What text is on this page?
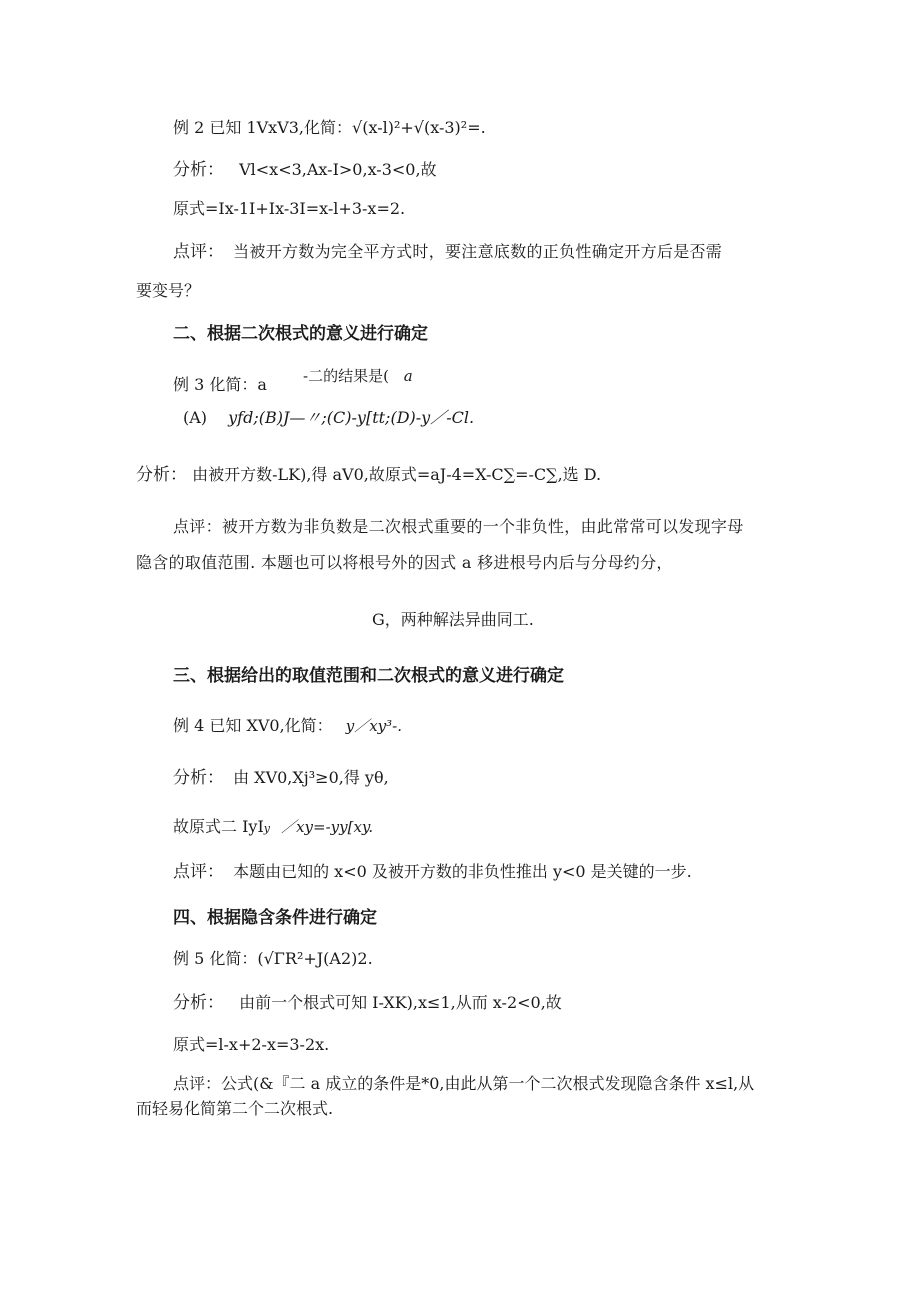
例 2 已知 1VxV3,化简：√(x-l)²+√(x-3)²=.
分析： Vl<x<3,Ax-I>0,x-3<0,故
原式=Ix-1I+Ix-3I=x-l+3-x=2.
点评： 当被开方数为完全平方式时，要注意底数的正负性确定开方后是否需
要变号？
二、根据二次根式的意义进行确定
例 3 化简：a -二的结果是( a
(A) yfd;(B)J—〃;(C)-y[tt;(D)-y／-Cl.
分析： 由被开方数-LK),得 aV0,故原式=aJ-4=X-C∑=-C∑,选 D.
点评：被开方数为非负数是二次根式重要的一个非负性，由此常常可以发现字母
隐含的取值范围. 本题也可以将根号外的因式 a 移进根号内后与分母约分，
G，两种解法异曲同工.
三、根据给出的取值范围和二次根式的意义进行确定
例 4 已知 XV0,化简： y／xy³-.
分析： 由 XV0,Xj³≥0,得 yθ,
故原式二 IyIy ／xy=-yy[xy.
点评： 本题由已知的 x<0 及被开方数的非负性推出 y<0 是关键的一步.
四、根据隐含条件进行确定
例 5 化简：(√ΓR²+J(A2)2.
分析： 由前一个根式可知 I-XK),x≤1,从而 x-2<0,故
原式=l-x+2-x=3-2x.
点评：公式(&『二 a 成立的条件是*0,由此从第一个二次根式发现隐含条件 x≤l,从
而轻易化简第二个二次根式.
